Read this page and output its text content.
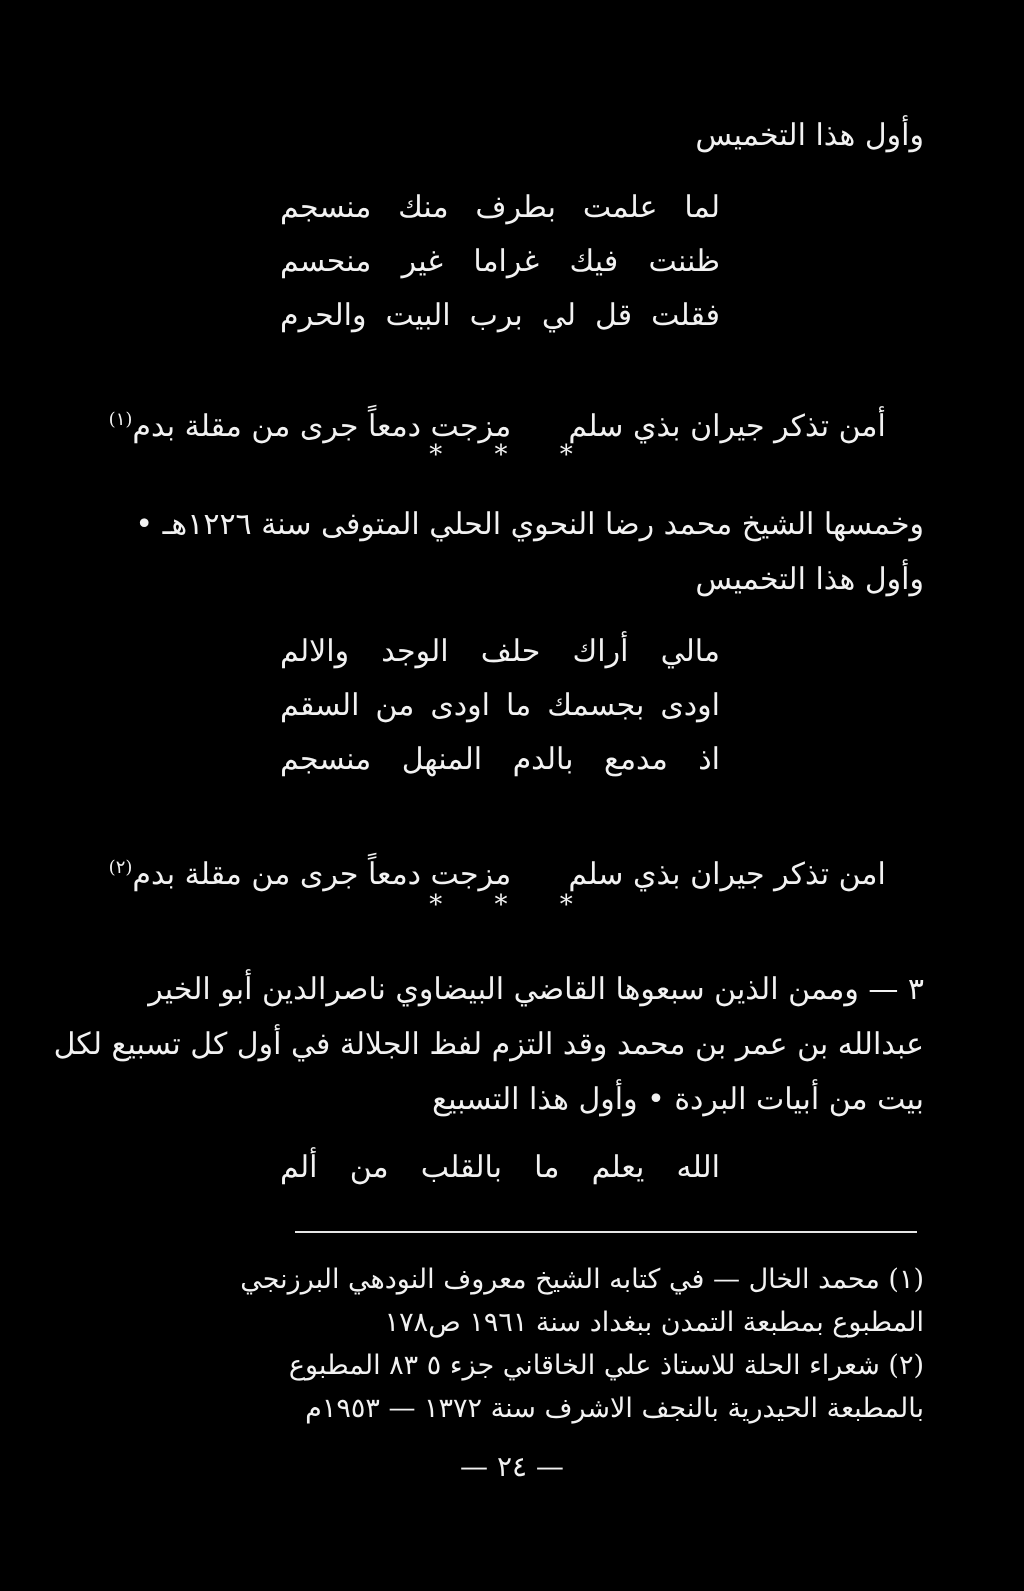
وأول هذا التخميس
لما
علمت
بطرف
منك
منسجم
ظننت
فيك
غراما
غير
منحسم
فقلت
قل
لي
برب
البيت
والحرم

أمن تذكر جيران بذي سلم      مزجت دمعاً جرى من مقلة بدم$^{(١)}$

* * *
وخمسها الشيخ محمد رضا النحوي الحلي المتوفى سنة ١٢٢٦هـ •
وأول هذا التخميس
مالي
أراك
حلف
الوجد
والالم
اودى
بجسمك
ما
اودى
من
السقم
اذ
مدمع
بالدم
المنهل
منسجم

امن تذكر جيران بذي سلم      مزجت دمعاً جرى من مقلة بدم$^{(٢)}$

* * *
٣ — وممن الذين سبعوها القاضي البيضاوي ناصرالدين أبو الخير
عبدالله بن عمر بن محمد وقد التزم لفظ الجلالة في أول كل تسبيع لكل
بيت من أبيات البردة • وأول هذا التسبيع
الله
يعلم
ما
بالقلب
من
ألم
(١) محمد الخال — في كتابه الشيخ معروف النودهي البرزنجي
المطبوع بمطبعة التمدن ببغداد سنة ١٩٦١ ص١٧٨
(٢) شعراء الحلة للاستاذ علي الخاقاني جزء ٥ ٨٣ المطبوع
بالمطبعة الحيدرية بالنجف الاشرف سنة ١٣٧٢ — ١٩٥٣م
— ٢٤ —
